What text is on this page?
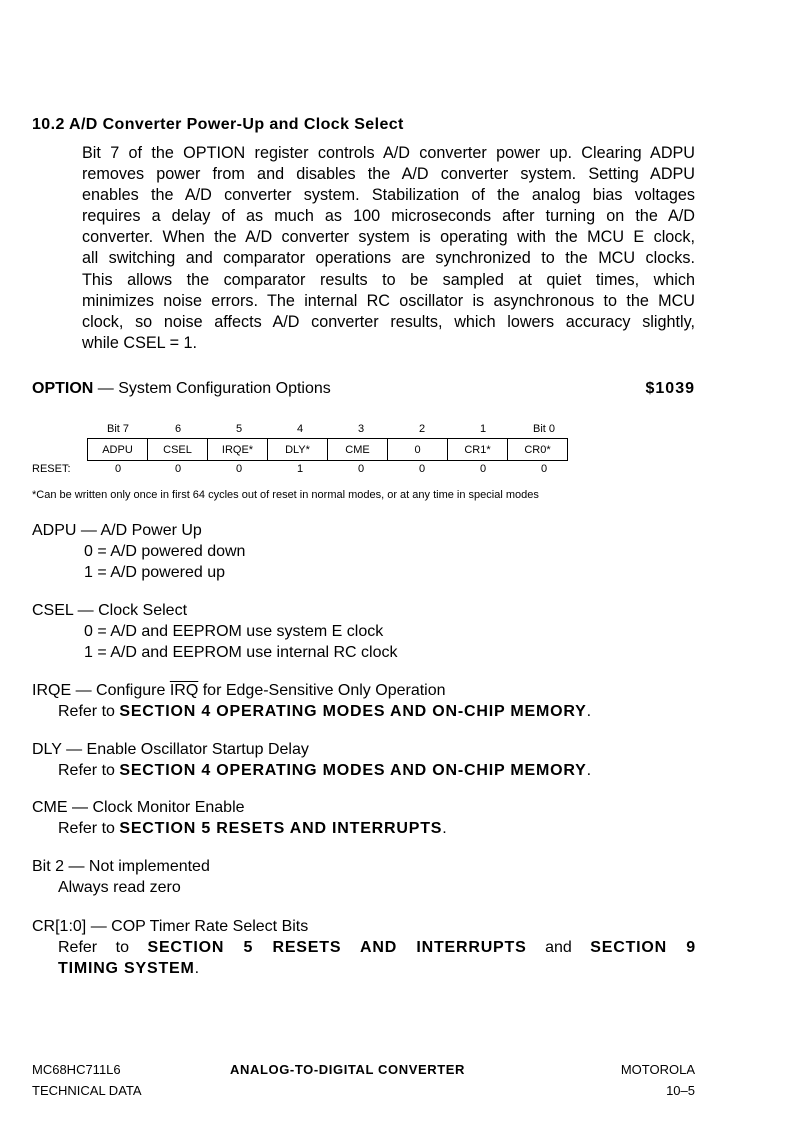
10.2 A/D Converter Power-Up and Clock Select
Bit 7 of the OPTION register controls A/D converter power up. Clearing ADPU
removes power from and disables the A/D converter system. Setting ADPU
enables the A/D converter system. Stabilization of the analog bias voltages
requires a delay of as much as 100 microseconds after turning on the A/D
converter. When the A/D converter system is operating with the MCU E clock,
all switching and comparator operations are synchronized to the MCU clocks.
This allows the comparator results to be sampled at quiet times, which
minimizes noise errors. The internal RC oscillator is asynchronous to the MCU
clock, so noise affects A/D converter results, which lowers accuracy slightly,
while CSEL = 1.
OPTION — System Configuration Options	$1039
Bit 7	6	5	4	3	2	1	Bit 0
ADPU	CSEL	IRQE*	DLY*	CME	0	CR1*	CR0*
RESET:	0	0	0	1	0	0	0	0
*Can be written only once in first 64 cycles out of reset in normal modes, or at any time in special modes
ADPU — A/D Power Up
0 = A/D powered down
1 = A/D powered up
CSEL — Clock Select
0 = A/D and EEPROM use system E clock
1 = A/D and EEPROM use internal RC clock
IRQE — Configure $\overline{IRQ}$ for Edge-Sensitive Only Operation
Refer to SECTION 4 OPERATING MODES AND ON-CHIP MEMORY.
DLY — Enable Oscillator Startup Delay
Refer to SECTION 4 OPERATING MODES AND ON-CHIP MEMORY.
CME — Clock Monitor Enable
Refer to SECTION 5 RESETS AND INTERRUPTS.
Bit 2 — Not implemented
Always read zero
CR[1:0] — COP Timer Rate Select Bits
Refer to SECTION 5 RESETS AND INTERRUPTS and SECTION 9
TIMING SYSTEM.
MC68HC711L6
TECHNICAL DATA
ANALOG-TO-DIGITAL CONVERTER	MOTOROLA
10–5
